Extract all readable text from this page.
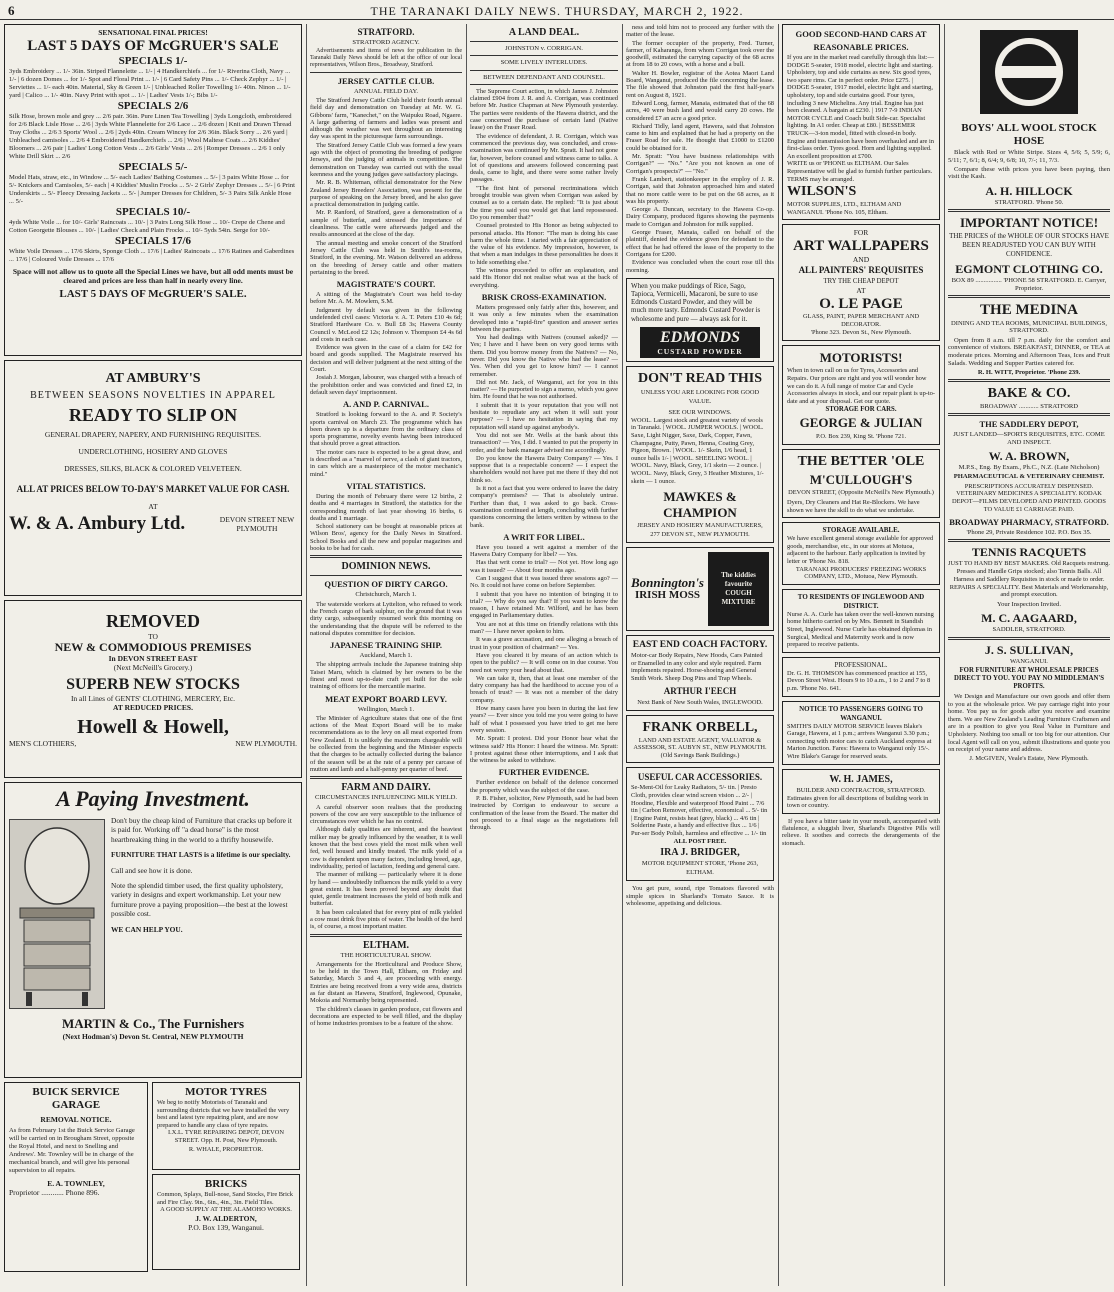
6	THE TARANAKI DAILY NEWS. THURSDAY, MARCH 2, 1922.
SENSATIONAL FINAL PRICES!
LAST 5 DAYS OF McGRUER'S SALE
SPECIALS 1/-
3yds Embroidery ... 1/- 36in. Striped Flannelette ... 1/- | 4 Handkerchiefs ... for 1/- Riverina Cloth, Navy ... 1/- | 6 dozen Domes ... for 1/- Spot and Floral Print ... 1/- | 6 Card Safety Pins ... 1/- Check Zephyr ... 1/- | Serviettes ... 1/- each 40in. Material, Sky & Green 1/- | Unbleached Roller Towelling 1/- 40in. Ninon ... 1/- yard | Calico ... 1/- 40in. Navy Print with spot ... 1/- | Ladies' Vests 1/-; Bibs 1/-
SPECIALS 2/6
Silk Hose, brown mole and grey ... 2/6 pair. 36in. Pure Linen Tea Towelling | 3yds Longcloth, embroidered for 2/6 Black Lisle Hose ... 2/6 | 3yds White Flannelette for 2/6 Lace ... 2/6 dozen | Knit and Drawn Thread Tray Cloths ... 2/6 3 Sports' Wool ... 2/6 | 2yds 40in. Cream Wincey for 2/6 36in. Black Sorry ... 2/6 yard | Unbleached camisoles ... 2/6 4 Embroidered Handkerchiefs ... 2/6 | Wool Maltese Coats ... 2/6 Kiddies' Bloomers ... 2/6 pair | Ladies' Long Cotton Vests ... 2/6 Girls' Vests ... 2/6 | Romper Dresses ... 2/6 1 only White Drill Skirt ... 2/6
SPECIALS 5/-
Model Hats, straw, etc., in Window ... 5/- each Ladies' Bathing Costumes ... 5/- | 3 pairs White Hose ... for 5/- Knickers and Camisoles, 5/- each | 4 Kiddies' Muslin Frocks ... 5/- 2 Girls' Zephyr Dresses ... 5/- | 6 Print Underskirts ... 5/- Fleecy Dressing Jackets ... 5/- | Jumper Dresses for Children, 5/- 3 Pairs Silk Ankle Hose ... 5/-
SPECIALS 10/-
4yds White Voile ... for 10/- Girls' Raincoats ... 10/- | 3 Pairs Long Silk Hose ... 10/- Crepe de Chene and Cotton Georgette Blouses ... 10/- | Ladies' Check and Plain Frocks ... 10/- 5yds 54in. Serge for 10/-
SPECIALS 17/6
White Voile Dresses ... 17/6 Skirts, Sponge Cloth ... 17/6 | Ladies' Raincoats ... 17/6 Ratines and Gaberdines ... 17/6 | Coloured Voile Dresses ... 17/6
Space will not allow us to quote all the Special Lines we have, but all odd ments must be cleared and prices are less than half in nearly every line.
LAST 5 DAYS OF McGRUER'S SALE.
AT AMBURY'S
BETWEEN SEASONS NOVELTIES IN APPAREL
READY TO SLIP ON
GENERAL DRAPERY, NAPERY, AND FURNISHING REQUISITES.
UNDERCLOTHING, HOSIERY AND GLOVES
DRESSES, SILKS, BLACK & COLORED VELVETEEN.
ALL AT PRICES BELOW TO-DAY'S MARKET VALUE FOR CASH.
AT
W. & A. Ambury Ltd.	DEVON STREET NEW PLYMOUTH
REMOVED
TO
NEW & COMMODIOUS PREMISES
In DEVON STREET EAST
(Next McNeill's Grocery.)
SUPERB NEW STOCKS
In all Lines of GENTS' CLOTHING, MERCERY, Etc.
AT REDUCED PRICES.
Howell & Howell,
MEN'S CLOTHIERS,	NEW PLYMOUTH.
A Paying Investment.
Don't buy the cheap kind of Furniture that cracks up before it is paid for. Working off "a dead horse" is the most heartbreaking thing in the world to a thrifty housewife.
FURNITURE THAT LASTS is a lifetime is our specialty.
Call and see how it is done.
Note the splendid timber used, the first quality upholstery, variety in designs and expert workmanship. Let your new furniture prove a paying proposition—the best at the lowest possible cost.
WE CAN HELP YOU.
MARTIN & Co., The Furnishers
(Next Hodman's) Devon St. Central, NEW PLYMOUTH
BUICK SERVICE GARAGE
REMOVAL NOTICE.
As from February 1st the Buick Service Garage will be carried on in Brougham Street, opposite the Royal Hotel, and next to Snelling and Andrews'. Mr. Townley will be in charge of the mechanical branch, and will give his personal supervision to all repairs.
E. A. TOWNLEY,
Proprietor ............ Phone 896.
MOTOR TYRES
We beg to notify Motorists of Taranaki and surrounding districts that we have installed the very best and latest tyre repairing plant, and are now prepared to handle any class of tyre repairs.
I.X.L. TYRE REPAIRING DEPOT, DEVON STREET. Opp. H. Post, New Plymouth.
R. WHALE, PROPRIETOR.
BRICKS
Common, Splays, Bull-nose, Sand Stocks, Fire Brick and Fire Clay. 9in., 6in., 4in., 3in. Field Tiles.
A GOOD SUPPLY AT THE ALAMOHO WORKS.
J. W. ALDERTON,
P.O. Box 139, Wanganui.
STRATFORD.
STRATFORD AGENCY.

Advertisements and items of news for publication in the Taranaki Daily News should be left at the office of our local representatives, Wilson Bros., Broadway, Stratford.

JERSEY CATTLE CLUB.
ANNUAL FIELD DAY.

The Stratford Jersey Cattle Club held their fourth annual field day and demonstration on Tuesday at Mr. W. G. Gibbons' farm, "Kanechet," on the Waipuku Road, Ngaere. A large gathering of farmers and ladies was present and although the weather was wet throughout an interesting day was spent in the picturesque farm surroundings.

The Stratford Jersey Cattle Club was formed a few years ago with the object of promoting the breeding of pedigree Jerseys, and the judging of animals in competition. The demonstration on Tuesday was carried out with the usual keenness and the young judges gave satisfactory placings.

Mr. R. B. Whiteman, official demonstrator for the New Zealand Jersey Breeders' Association, was present for the purpose of speaking on the Jersey breed, and he also gave a practical demonstration in judging cattle.

Mr. P. Ranford, of Stratford, gave a demonstration of a sample of butterfat, and stressed the importance of cleanliness. The cattle were afterwards judged and the results announced at the close of the day.

The annual meeting and smoke concert of the Stratford Jersey Cattle Club was held in Smith's tea-rooms, Stratford, in the evening. Mr. Watson delivered an address on the breeding of Jersey cattle and other matters pertaining to the breed.

MAGISTRATE'S COURT.

A sitting of the Magistrate's Court was held to-day before Mr. A. M. Mowlem, S.M.

Judgment by default was given in the following undefended civil cases: Victoria v. A. T. Peters £10 4s 6d; Stratford Hardware Co. v. Bull £8 3s; Hawera County Council v. McLeod £2 12s; Johnson v. Thompson £4 4s 6d and costs in each case.

Evidence was given in the case of a claim for £42 for board and goods supplied. The Magistrate reserved his decision and will deliver judgment at the next sitting of the Court.

Josiah J. Morgan, labourer, was charged with a breach of the prohibition order and was convicted and fined £2, in default seven days' imprisonment.

A. AND P. CARNIVAL.

Stratford is looking forward to the A. and P. Society's sports carnival on March 23. The programme which has been drawn up is a departure from the ordinary class of sports programme, novelty events having been introduced that should prove a great attraction.

The motor cars race is expected to be a great draw, and is described as a "marvel of nerve, a clash of giant tractors, in cars which are a masterpiece of the motor mechanic's mind."

VITAL STATISTICS.

During the month of February there were 12 births, 2 deaths and 4 marriages in Stratford, the statistics for the corresponding month of last year showing 16 births, 6 deaths and 1 marriage.

School stationery can be bought at reasonable prices at Wilson Bros', agency for the Daily News in Stratford. School Books and all the new and popular magazines and books to be had for cash.

DOMINION NEWS.
QUESTION OF DIRTY CARGO.
Christchurch, March 1.

The waterside workers at Lyttelton, who refused to work the French cargo of bark sulphur, on the ground that it was dirty cargo, subsequently resumed work this morning on the understanding that the dispute will be referred to the national disputes committee for decision.

JAPANESE TRAINING SHIP.
Auckland, March 1.

The shipping arrivals include the Japanese training ship Taisei Maru, which is claimed by her owners to be the finest and most up-to-date craft yet built for the sole training of officers for the mercantile marine.

MEAT EXPORT BOARD LEVY.
Wellington, March 1.

The Minister of Agriculture states that one of the first actions of the Meat Export Board will be to make recommendations as to the levy on all meat exported from New Zealand. It is unlikely the maximum chargeable will be collected from the beginning and the Minister expects that the charges to be actually collected during the balance of the season will be at the rate of a penny per carcase of mutton and lamb and a half-penny per quarter of beef.

FARM AND DAIRY.
CIRCUMSTANCES INFLUENCING MILK YIELD.

A careful observer soon realises that the producing powers of the cow are very susceptible to the influence of circumstances over which he has no control.

Although daily qualities are inherent, and the heaviest milker may be greatly influenced by the weather, it is well known that the best cows yield the most milk when well fed, well housed and kindly treated. The milk yield of a cow is dependent upon many factors, including breed, age, individuality, period of lactation, feeding and general care.

The manner of milking — particularly where it is done by hand — undoubtedly influences the milk yield to a very great extent. It has been proved beyond any doubt that quiet, gentle treatment increases the yield of both milk and butterfat.

It has been calculated that for every pint of milk yielded a cow must drink five pints of water. The health of the herd is, of course, a most important matter.

ELTHAM.
THE HORTICULTURAL SHOW.

Arrangements for the Horticultural and Produce Show, to be held in the Town Hall, Eltham, on Friday and Saturday, March 3 and 4, are proceeding with energy. Entries are being received from a very wide area, districts as far distant as Hawera, Stratford, Inglewood, Opunake, Mokoia and Normanby being represented.

The children's classes in garden produce, cut flowers and decorations are expected to be well filled, and the display of home industries promises to be a feature of the show.

A LAND DEAL.
JOHNSTON v. CORRIGAN.
SOME LIVELY INTERLUDES.
BETWEEN DEFENDANT AND COUNSEL.

The Supreme Court action, in which James J. Johnston claimed £904 from J. R. and A. Corrigan, was continued before Mr. Justice Chapman at New Plymouth yesterday. The parties were residents of the Hawera district, and the case concerned the purchase of certain land (Native lease) on the Fraser Road.

The evidence of defendant, J. R. Corrigan, which was commenced the previous day, was concluded, and cross-examination was continued by Mr. Spratt. It had not gone far, however, before counsel and witness came to talks. A lot of questions and answers followed concerning past deals, came to light, and there were some rather lively passages.

"The first hint of personal recriminations which brought trouble was given when Corrigan was asked by counsel as to a certain date. He replied: "It is just about the time you said you would get that land repossessed. Do you remember that?"

Counsel protested to His Honor as being subjected to personal attacks. His Honor: "The man is doing his case harm the whole time. I started with a fair appreciation of the value of his evidence. My impression, however, is that when a man indulges in these personalities he does it to hide something else."

The witness proceeded to offer an explanation, and said His Honor did not realise what was at the back of everything.

BRISK CROSS-EXAMINATION.

Matters progressed only fairly after this, however, and it was only a few minutes when the examination developed into a "rapid-fire" question and answer series between the parties.

You had dealings with Natives (counsel asked)? — Yes; I have and I have been on very good terms with them. Did you borrow money from the Natives? — No, never. Did you know the Native who had the lease? — Yes. When did you get to know him? — I cannot remember.

Did not Mr. Jack, of Wanganui, act for you in this matter? — He purported to sign a memo, which you gave him. He found that he was not authorised.

I submit that it is your reputation that you will not hesitate to repudiate any act when it will suit your purpose? — I have no hesitation in saying that my reputation will stand up against anybody's.

You did not see Mr. Wells at the bank about this transaction? — Yes, I did. I wanted to put the property in order, and the bank manager advised me accordingly.

Do you know the Hawera Dairy Company? — Yes. I suppose that is a respectable concern? — I expect the shareholders would not have put me there if they did not think so.

Is it not a fact that you were ordered to leave the dairy company's premises? — That is absolutely untrue. Further than that, I was asked to go back. Cross-examination continued at length, concluding with further questions concerning the letters written by witness to the bank.

A WRIT FOR LIBEL.

Have you issued a writ against a member of the Hawera Dairy Company for libel? — Yes.

Has that writ come to trial? — Not yet. How long ago was it issued? — About four months ago.

Can I suggest that it was issued three sessions ago? — No. It could not have come on before September.

I submit that you have no intention of bringing it to trial? — Why do you say that? If you want to know the reason, I have retained Mr. Wilford, and he has been engaged in Parliamentary duties.

You are not at this time on friendly relations with this man? — I have never spoken to him.

It was a grave accusation, and one alleging a breach of trust in your position of chairman? — Yes.

Have you cleared it by means of an action which is open to the public? — It will come on in due course. You need not worry your head about that.

We can take it, then, that at least one member of the dairy company has had the hardihood to accuse you of a breach of trust? — It was not a member of the dairy company.

How many cases have you been in during the last few years? — Ever since you told me you were going to have half of what I possessed you have tried to get me here every session.

Mr. Spratt: I protest. Did your Honor hear what the witness said? His Honor: I heard the witness. Mr. Spratt: I protest against these other interruptions, and I ask that the witness be asked to withdraw.

FURTHER EVIDENCE.

Further evidence on behalf of the defence concerned the property which was the subject of the case.

P. B. Fisher, solicitor, New Plymouth, said he had been instructed by Corrigan to endeavour to secure a confirmation of the lease from the Board. The matter did not proceed to a final stage as the negotiations fell through.

ness and told him not to proceed any further with the matter of the lease.

The former occupier of the property, Fred. Turner, farmer, of Kaharanga, from whom Corrigan took over the goodwill, estimated the carrying capacity of the 68 acres at from 18 to 20 cows, with a horse and a bull.

Walter H. Bowler, registrar of the Aotea Maori Land Board, Wanganui, produced the file concerning the lease. The file showed that Johnston paid the first half-year's rent on August 8, 1921.

Edward Long, farmer, Manaia, estimated that of the 68 acres, 40 were bush land and would carry 20 cows. He considered £7 an acre a good price.

Richard Tidly, land agent, Hawera, said that Johnston came to him and explained that he had a property on the Fraser Road for sale. He thought that £1000 to £1200 could be obtained for it.

Mr. Spratt: "You have business relationships with Corrigan?" — "No." "Are you not known as one of Corrigan's prospects?" — "No."

Frank Lambert, stationkeeper in the employ of J. R. Corrigan, said that Johnston approached him and stated that no more cattle were to be put on the 68 acres, as it was his property.

George A. Duncan, secretary to the Hawera Co-op. Dairy Company, produced figures showing the payments made to Corrigan and Johnston for milk supplied.

George Fraser, Manaia, called on behalf of the plaintiff, denied the evidence given for defendant to the effect that he had offered the lease of the property to the Corrigans for £200.

Evidence was concluded when the court rose till this morning.

When you make puddings of Rice, Sago, Tapioca, Vermicelli, Macaroni, be sure to use Edmonds Custard Powder, and they will be much more tasty. Edmonds Custard Powder is wholesome and pure — always ask for it.
EDMONDS
CUSTARD POWDER
DON'T READ THIS
UNLESS YOU ARE LOOKING FOR GOOD VALUE.
SEE OUR WINDOWS.
WOOL. Largest stock and greatest variety of wools in Taranaki. | WOOL. JUMPER WOOLS. | WOOL. Saxe, Light Nigger, Saxe, Dark, Copper, Fawn, Champagne, Putty, Pawn, Henna, Coating Grey, Pigeon, Brown. | WOOL. 1/- Skein, 1/6 head, 1 ounce balls 1/- | WOOL. SHEELING WOOL. | WOOL. Navy, Black, Grey, 1/1 skein — 2 ounce. | WOOL. Navy, Black, Grey, 3 Heather Mixtures, 1/- skein — 1 ounce.
MAWKES & CHAMPION
JERSEY AND HOSIERY MANUFACTURERS,
277 DEVON ST., NEW PLYMOUTH.
Bonnington's
IRISH MOSS
The kiddies favourite COUGH MIXTURE
EAST END COACH FACTORY.
Motor-car Body Repairs, New Hoods, Cars Painted or Enamelled in any color and style required. Farm implements repaired. Horse-shoeing and General Smith Work. Sheep Dog Pins and Trap Wheels.
ARTHUR I'EECH
Next Bank of New South Wales, INGLEWOOD.
FRANK ORBELL,
LAND AND ESTATE AGENT, VALUATOR & ASSESSOR, ST. AUBYN ST., NEW PLYMOUTH. (Old Savings Bank Buildings.)
USEFUL CAR ACCESSORIES.
Se-Ment-Oil for Leaky Radiators, 5/- tin. | Presto Cloth, provides clear wind screen vision ... 2/- | Hoodine, Flexible and waterproof Hood Paint ... 7/6 tin | Carbon Remover, effective, economical ... 5/- tin | Engine Paint, resists heat (grey, black) ... 4/6 tin | Solderine Paste, a handy and effective flux ... 1/6 | Pur-ser Body Polish, harmless and effective ... 1/- tin
ALL POST FREE.
IRA J. BRIDGER,
MOTOR EQUIPMENT STORE, 'Phone 263, ELTHAM.

You get pure, sound, ripe Tomatoes flavored with simple spices in Sharland's Tomato Sauce. It is wholesome, appetising and delicious.

GOOD SECOND-HAND CARS AT REASONABLE PRICES.
If you are in the market read carefully through this list:—
DODGE 5-seater, 1918 model, electric light and starting. Upholstery, top and side curtains as new. Six good tyres, two spare rims. Car in perfect order. Price £275. | DODGE 5-seater, 1917 model, electric light and starting, upholstery, top and side curtains good. Four tyres, including 3 new Michelins. Any trial. Engine has just been cleaned. A bargain at £230. | 1917 7-9 INDIAN MOTOR CYCLE and Coach built Side-car. Specialist lighting. In A1 order. Cheap at £80. | BESSEMER TRUCK—3-ton model, fitted with closed-in body. Engine and transmission have been overhauled and are in first-class order. Tyres good. Horn and lighting supplied. An excellent proposition at £700.
WRITE us or 'PHONE us ELTHAM. Our Sales Representative will be glad to furnish further particulars. TERMS may be arranged.
WILSON'S
MOTOR SUPPLIES, LTD., ELTHAM AND WANGANUI. 'Phone No. 105, Eltham.
FOR
ART WALLPAPERS
AND
ALL PAINTERS' REQUISITES
TRY THE CHEAP DEPOT
AT
O. LE PAGE
GLASS, PAINT, PAPER MERCHANT AND DECORATOR.
'Phone 323. Devon St., New Plymouth.
MOTORISTS!
When in town call on us for Tyres, Accessories and Repairs. Our prices are right and you will wonder how we can do it. A full range of motor Car and Cycle Accessories always in stock, and our repair plant is up-to-date and at your disposal. Get our quote.
STORAGE FOR CARS.
GEORGE & JULIAN
P.O. Box 239, King St. 'Phone 721.
THE BETTER 'OLE
M'CULLOUGH'S
DEVON STREET, (Opposite McNeill's New Plymouth.)
Dyers, Dry Cleaners and Hat Re-Blockers. We have shown we have the skill to do what we undertake.
STORAGE AVAILABLE.
We have excellent general storage available for approved goods, merchandise, etc., in our stores at Motuoa, adjacent to the harbour. Early application is invited by letter or 'Phone No. 818.
TARANAKI PRODUCERS' FREEZING WORKS COMPANY, LTD., Motuoa, New Plymouth.
TO RESIDENTS OF INGLEWOOD AND DISTRICT.
Nurse A. A. Curle has taken over the well-known nursing home hitherto carried on by Mrs. Bennett in Standish Street, Inglewood. Nurse Curle has obtained diplomas in Surgical, Medical and Maternity work and is now prepared to receive patients.
PROFESSIONAL.
Dr. G. H. THOMSON has commenced practice at 155, Devon Street West. Hours 9 to 10 a.m., 1 to 2 and 7 to 8 p.m. 'Phone No. 641.
NOTICE TO PASSENGERS GOING TO WANGANUI.
SMITH'S DAILY MOTOR SERVICE leaves Blake's Garage, Hawera, at 1 p.m.; arrives Wanganui 3.30 p.m.; connecting with motor cars to catch Auckland express at Marton Junction. Fares: Hawera to Wanganui only 15/-. Wire Blake's Garage for reserved seats.
W. H. JAMES,
BUILDER AND CONTRACTOR, STRATFORD.
Estimates given for all descriptions of building work in town or country.

If you have a bitter taste in your mouth, accompanied with flatulence, a sluggish liver, Sharland's Digestive Pills will relieve. It soothes and corrects the derangements of the stomach.

BOYS' ALL WOOL STOCK HOSE

Black with Red or White Stripe. Sizes 4, 5/6; 5, 5/9; 6, 5/11; 7, 6/1; 8, 6/4; 9, 6/8; 10, 7/-; 11, 7/3.

Compare these with prices you have been paying, then visit the Kash.

A. H. HILLOCK
STRATFORD. 'Phone 50.
IMPORTANT NOTICE!
THE PRICES of the WHOLE OF OUR STOCKS HAVE BEEN READJUSTED YOU CAN BUY WITH CONFIDENCE.
EGMONT CLOTHING CO.
BOX 89 ................ 'PHONE 58 STRATFORD. E. Carryer, Proprietor.
THE MEDINA
DINING AND TEA ROOMS, MUNICIPAL BUILDINGS, STRATFORD.

Open from 8 a.m. till 7 p.m. daily for the comfort and convenience of visitors. BREAKFAST, DINNER, or TEA at moderate prices. Morning and Afternoon Teas, Ices and Fruit Salads. Wedding and Supper Parties catered for.

R. H. WITT, Proprietor. 'Phone 239.
BAKE & CO.
BROADWAY ............ STRATFORD
THE SADDLERY DEPOT,
JUST LANDED—SPORTS REQUISITES, ETC. COME AND INSPECT.
W. A. BROWN,
M.P.S., Eng. By Exam., Ph.C., N.Z. (Late Nicholson)
PHARMACEUTICAL & VETERINARY CHEMIST.
PRESCRIPTIONS ACCURATELY DISPENSED. VETERINARY MEDICINES A SPECIALITY. KODAK DEPOT—FILMS DEVELOPED AND PRINTED. GOODS TO VALUE £1 CARRIAGE PAID.
BROADWAY PHARMACY, STRATFORD.
'Phone 29, Private Residence 102. P.O. Box 35.
TENNIS RACQUETS
JUST TO HAND BY BEST MAKERS. Old Racquets restrung. Presses and Handle Grips stocked; also Tennis Balls. All Harness and Saddlery Requisites in stock or made to order. REPAIRS A SPECIALITY. Best Materials and Workmanship, and prompt execution.
Your Inspection Invited.
M. C. AAGAARD,
SADDLER, STRATFORD.
J. S. SULLIVAN,
WANGANUI.
FOR FURNITURE AT WHOLESALE PRICES DIRECT TO YOU. YOU PAY NO MIDDLEMAN'S PROFITS.

We Design and Manufacture our own goods and offer them to you at the wholesale price. We pay carriage right into your home. You pay us for goods after you receive and examine them. We are New Zealand's Leading Furniture Craftsmen and are in a position to give you Real Value in Furniture and Upholstery. Nothing too small or too big for our attention. Our local Agent will call on you, submit illustrations and quote you on receipt of your name and address.

J. McGIVEN, Veale's Estate, New Plymouth.
